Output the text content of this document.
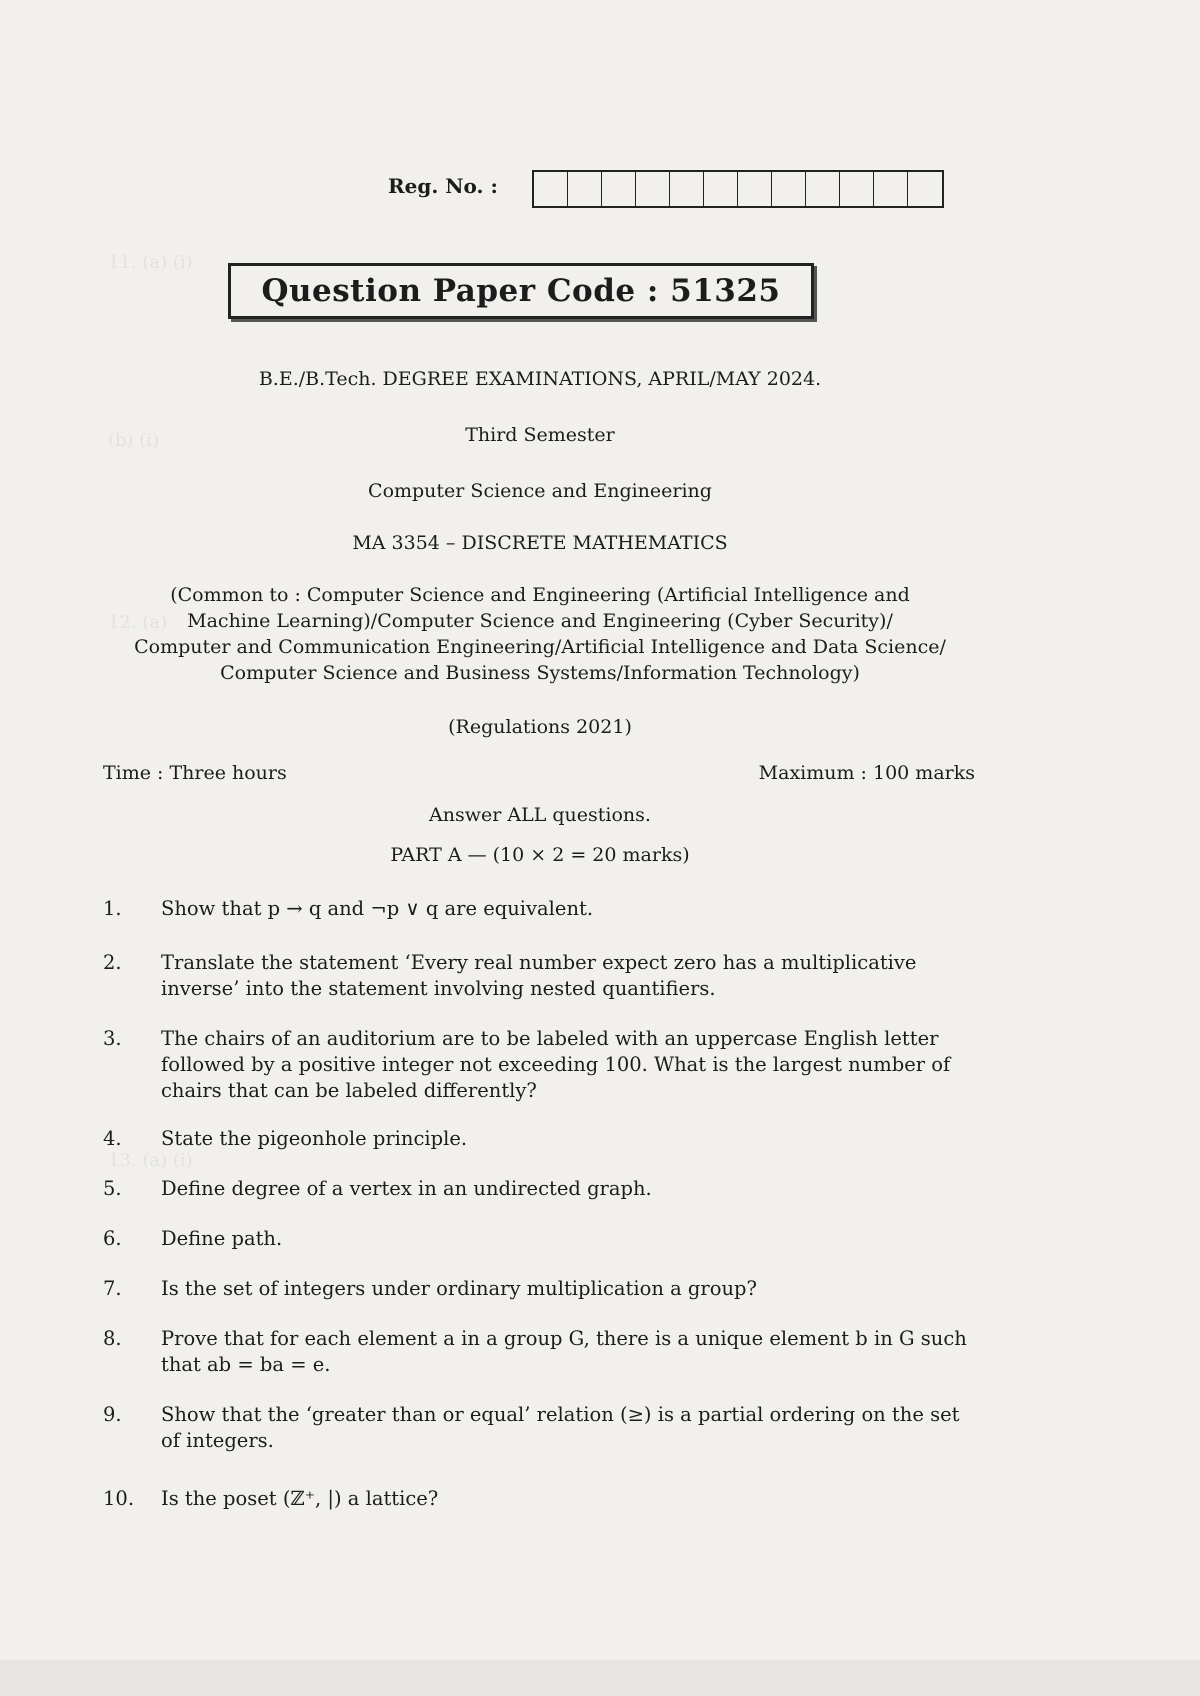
11. (a) (i)
(b) (i)
12. (a)
13. (a) (i)
Reg. No. :
Question Paper Code : 51325
B.E./B.Tech. DEGREE EXAMINATIONS, APRIL/MAY 2024.
Third Semester
Computer Science and Engineering
MA 3354 – DISCRETE MATHEMATICS
(Common to : Computer Science and Engineering (Artificial Intelligence and
Machine Learning)/Computer Science and Engineering (Cyber Security)/
Computer and Communication Engineering/Artificial Intelligence and Data Science/
Computer Science and Business Systems/Information Technology)
(Regulations 2021)
Time : Three hours	Maximum : 100 marks
Answer ALL questions.
PART A — (10 × 2 = 20 marks)
1.	Show that p → q and ¬p ∨ q are equivalent.
2.	Translate the statement ‘Every real number expect zero has a multiplicative inverse’ into the statement involving nested quantifiers.
3.	The chairs of an auditorium are to be labeled with an uppercase English letter followed by a positive integer not exceeding 100. What is the largest number of chairs that can be labeled differently?
4.	State the pigeonhole principle.
5.	Define degree of a vertex in an undirected graph.
6.	Define path.
7.	Is the set of integers under ordinary multiplication a group?
8.	Prove that for each element a in a group G, there is a unique element b in G such that ab = ba = e.
9.	Show that the ‘greater than or equal’ relation (≥) is a partial ordering on the set of integers.
10.	Is the poset (ℤ⁺, |) a lattice?
